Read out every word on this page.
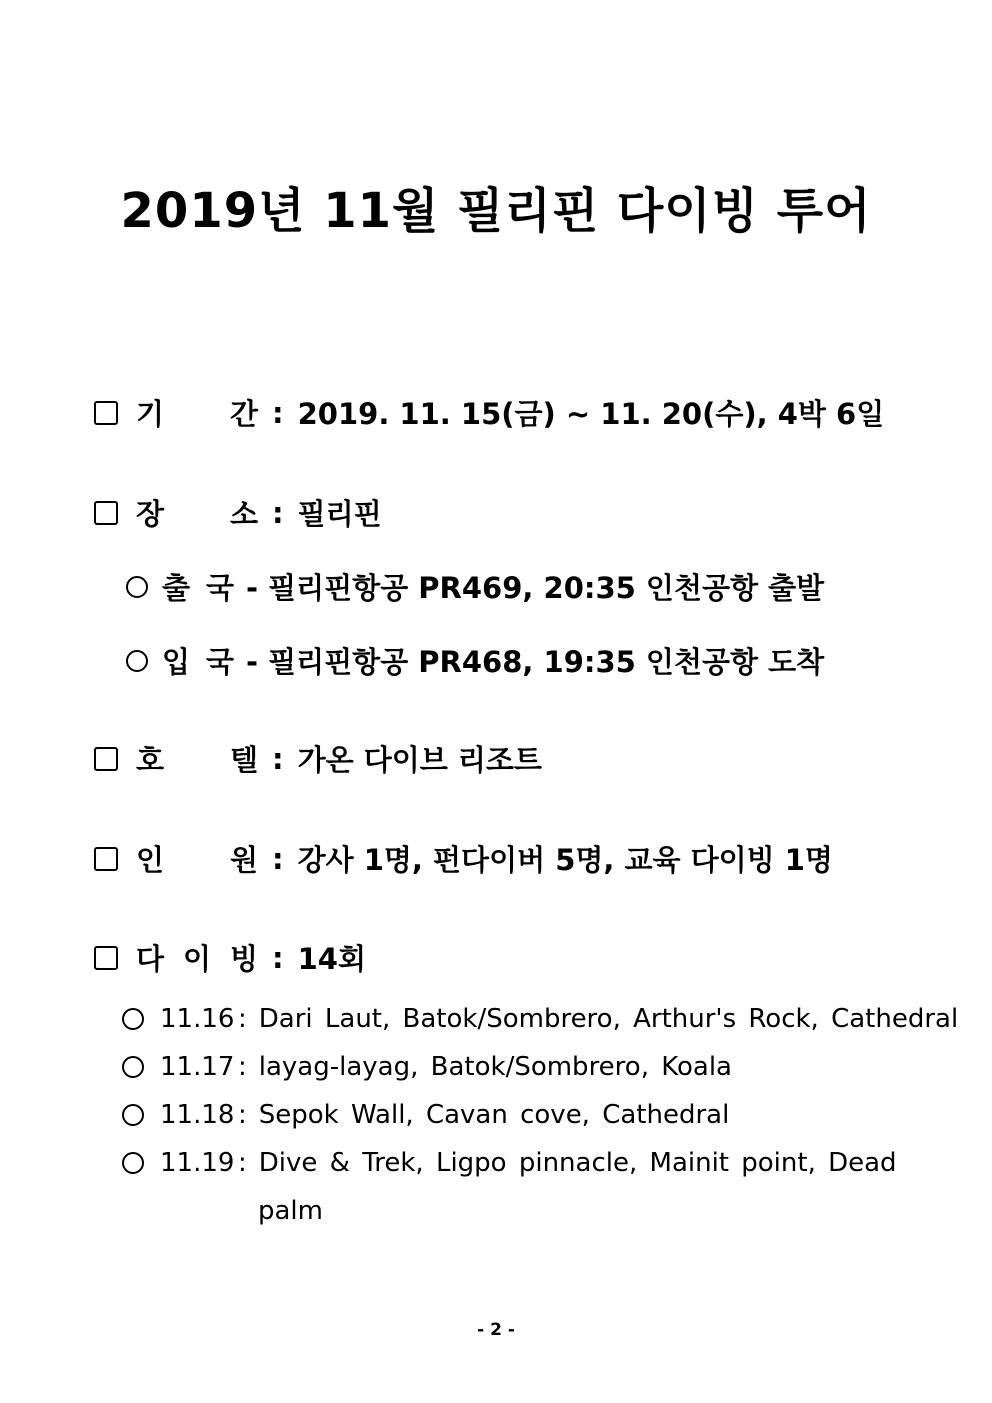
2019년 11월 필리핀 다이빙 투어
기 간 : 2019. 11. 15(금) ~ 11. 20(수), 4박 6일
장 소 : 필리핀
출 국 - 필리핀항공 PR469, 20:35 인천공항 출발
입 국 - 필리핀항공 PR468, 19:35 인천공항 도착
호 텔 : 가온 다이브 리조트
인 원 : 강사 1명, 펀다이버 5명, 교육 다이빙 1명
다 이 빙 : 14회
11.16 : Dari Laut, Batok/Sombrero, Arthur's Rock, Cathedral
11.17 : layag-layag, Batok/Sombrero, Koala
11.18 : Sepok Wall, Cavan cove, Cathedral
11.19 : Dive & Trek, Ligpo pinnacle, Mainit point, Dead
palm
- 2 -
